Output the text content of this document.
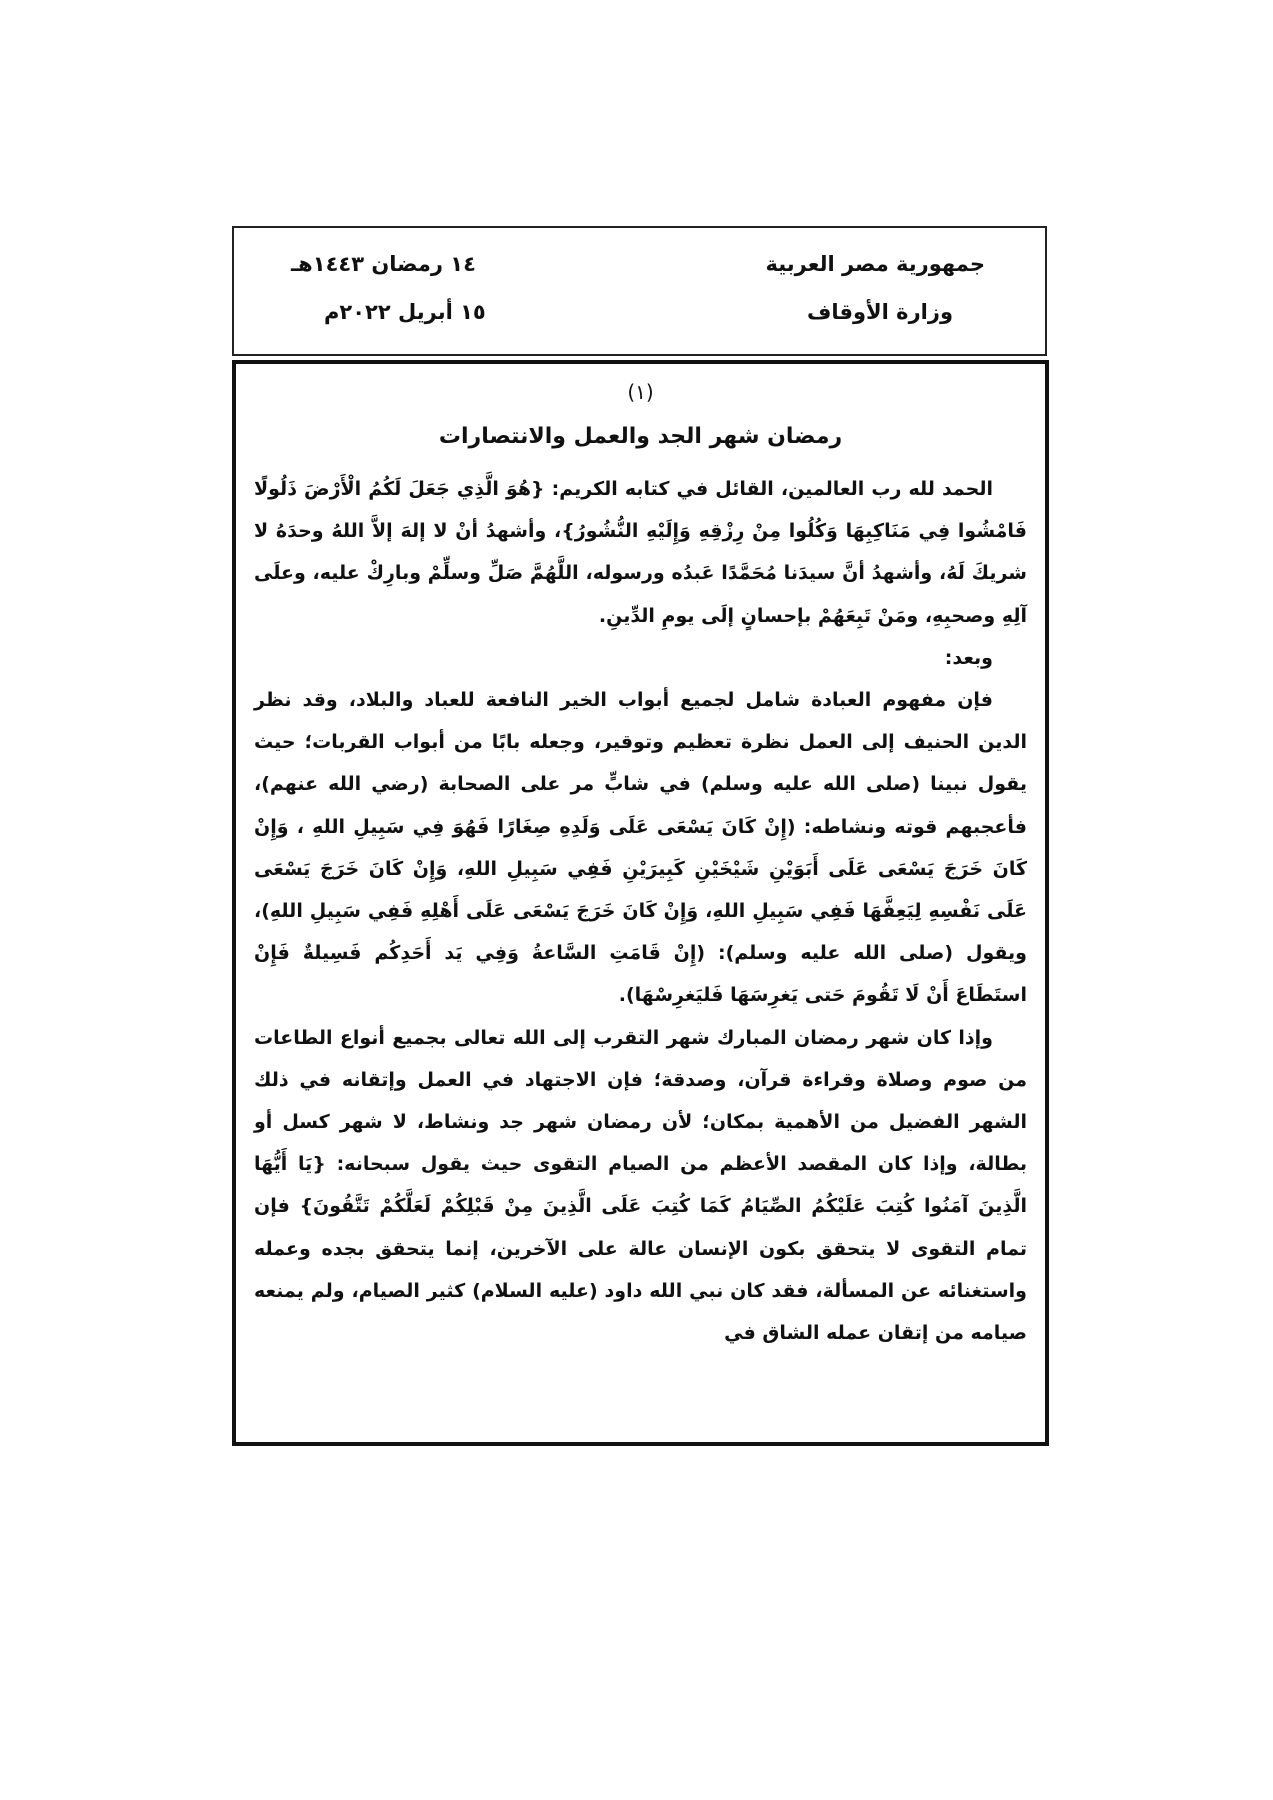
جمهورية مصر العربية
وزارة الأوقاف
١٤ رمضان ١٤٤٣هـ
١٥ أبريل ٢٠٢٢م
(١)
رمضان شهر الجد والعمل والانتصارات

الحمد لله رب العالمين، القائل في كتابه الكريم: {هُوَ الَّذِي جَعَلَ لَكُمُ الْأَرْضَ ذَلُولًا فَامْشُوا فِي مَنَاكِبِهَا وَكُلُوا مِنْ رِزْقِهِ وَإِلَيْهِ النُّشُورُ}، وأشهدُ أنْ لا إلهَ إلاَّ اللهُ وحدَهُ لا شريكَ لَهُ، وأشهدُ أنَّ سيدَنا مُحَمَّدًا عَبدُه ورسوله، اللَّهُمَّ صَلِّ وسلِّمْ وبارِكْ عليه، وعلَى آلِهِ وصحبِهِ، ومَنْ تَبِعَهُمْ بإحسانٍ إلَى يومِ الدِّينِ.

وبعد:

فإن مفهوم العبادة شامل لجميع أبواب الخير النافعة للعباد والبلاد، وقد نظر الدين الحنيف إلى العمل نظرة تعظيم وتوقير، وجعله بابًا من أبواب القربات؛ حيث يقول نبينا (صلى الله عليه وسلم) في شابٍّ مر على الصحابة (رضي الله عنهم)، فأعجبهم قوته ونشاطه: (إِنْ كَانَ يَسْعَى عَلَى وَلَدِهِ صِغَارًا فَهُوَ فِي سَبِيلِ اللهِ ، وَإِنْ كَانَ خَرَجَ يَسْعَى عَلَى أَبَوَيْنِ شَيْخَيْنِ كَبِيرَيْنِ فَفِي سَبِيلِ اللهِ، وَإِنْ كَانَ خَرَجَ يَسْعَى عَلَى نَفْسِهِ لِيَعِفَّهَا فَفِي سَبِيلِ اللهِ، وَإِنْ كَانَ خَرَجَ يَسْعَى عَلَى أَهْلِهِ فَفِي سَبِيلِ اللهِ)، ويقول (صلى الله عليه وسلم): (إِنْ قَامَتِ السَّاعةُ وَفِي يَد أَحَدِكُم فَسِيلةٌ فَإِنْ استَطَاعَ أَنْ لَا تَقُومَ حَتى يَغرِسَهَا فَليَغرِسْهَا).

وإذا كان شهر رمضان المبارك شهر التقرب إلى الله تعالى بجميع أنواع الطاعات من صوم وصلاة وقراءة قرآن، وصدقة؛ فإن الاجتهاد في العمل وإتقانه في ذلك الشهر الفضيل من الأهمية بمكان؛ لأن رمضان شهر جد ونشاط، لا شهر كسل أو بطالة، وإذا كان المقصد الأعظم من الصيام التقوى حيث يقول سبحانه: {يَا أَيُّهَا الَّذِينَ آمَنُوا كُتِبَ عَلَيْكُمُ الصِّيَامُ كَمَا كُتِبَ عَلَى الَّذِينَ مِنْ قَبْلِكُمْ لَعَلَّكُمْ تَتَّقُونَ} فإن تمام التقوى لا يتحقق بكون الإنسان عالة على الآخرين، إنما يتحقق بجده وعمله واستغنائه عن المسألة، فقد كان نبي الله داود (عليه السلام) كثير الصيام، ولم يمنعه صيامه من إتقان عمله الشاق في
